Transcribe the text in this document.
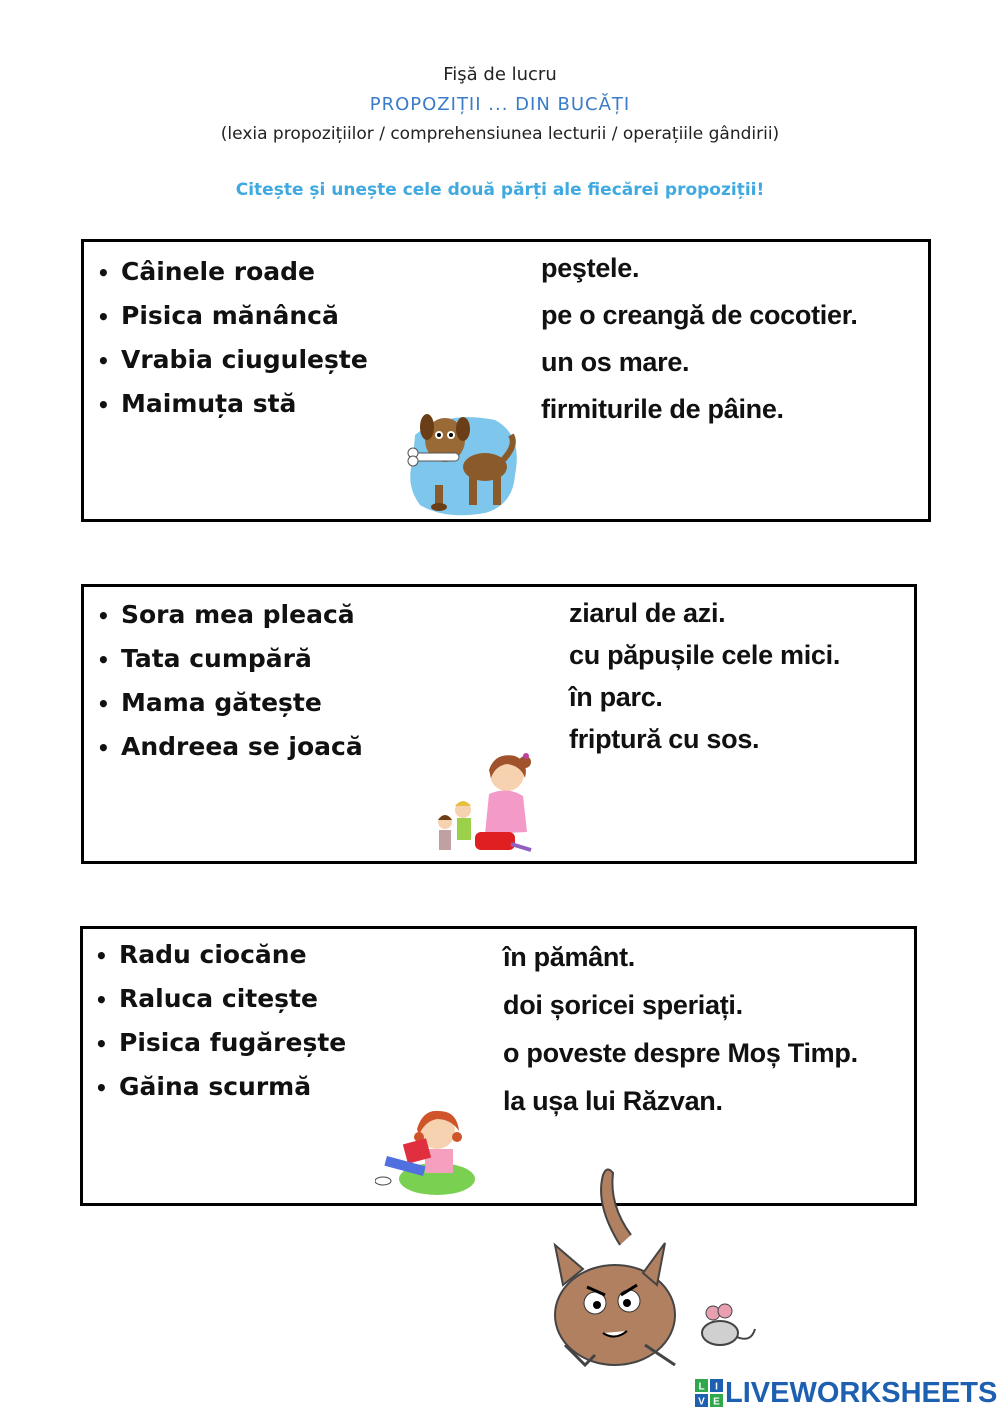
Fişă de lucru
PROPOZIȚII ... DIN BUCĂȚI
(lexia propozițiilor / comprehensiunea lecturii / operațiile gândirii)
Citește și unește cele două părți ale fiecărei propoziții!
• Câinele roade
• Pisica mănâncă
• Vrabia ciugulește
• Maimuța stă
peştele.
pe o creangă de cocotier.
un os mare.
firmiturile de pâine.
• Sora mea pleacă
• Tata cumpără
• Mama gătește
• Andreea se joacă
ziarul de azi.
cu păpușile cele mici.
în parc.
friptură cu sos.
• Radu ciocăne
• Raluca citește
• Pisica fugărește
• Găina scurmă
în pământ.
doi șoricei speriați.
o poveste despre Moș Timp.
la ușa lui Răzvan.
L I
V E LIVEWORKSHEETS
